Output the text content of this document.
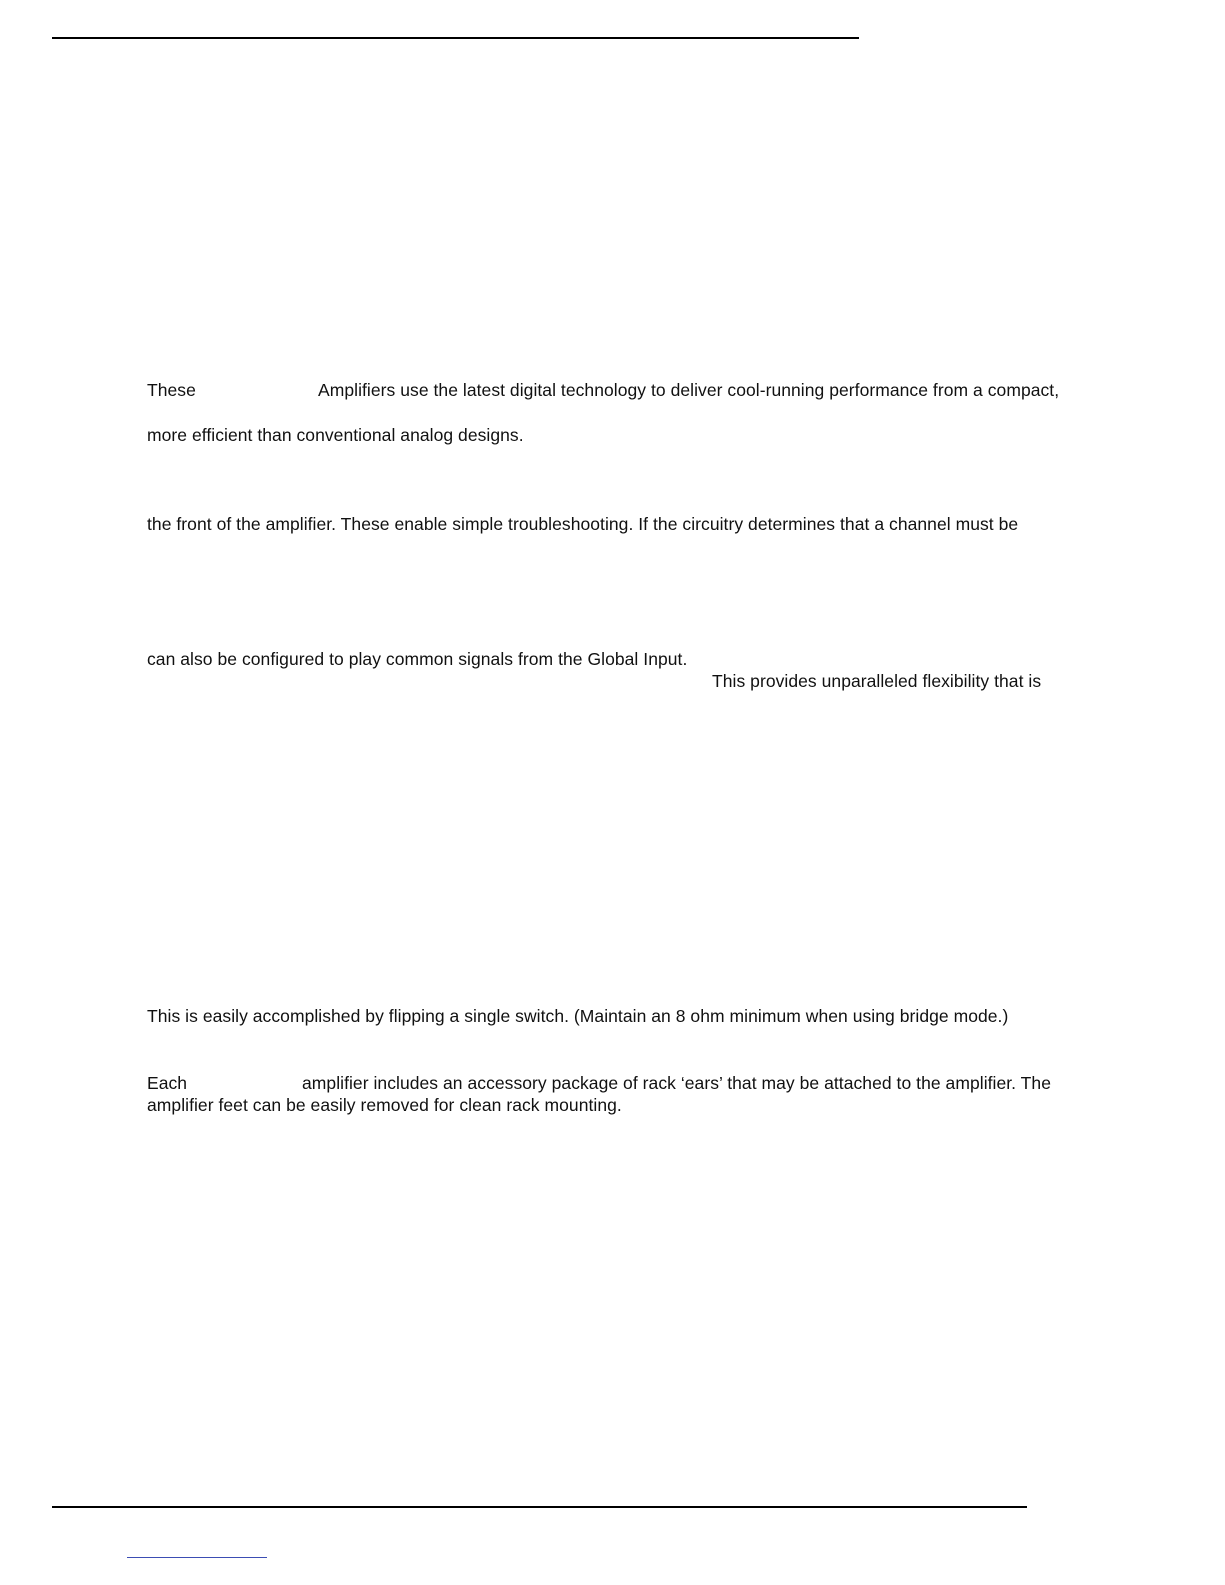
These	Amplifiers use the latest digital technology to deliver cool-running performance from a compact,

more efficient than conventional analog designs.

the front of the amplifier. These enable simple troubleshooting. If the circuitry determines that a channel must be

can also be configured to play common signals from the Global Input.

This provides unparalleled flexibility that is

This is easily accomplished by flipping a single switch. (Maintain an 8 ohm minimum when using bridge mode.)

Each	amplifier includes an accessory package of rack ‘ears’ that may be attached to the amplifier. The

amplifier feet can be easily removed for clean rack mounting.
